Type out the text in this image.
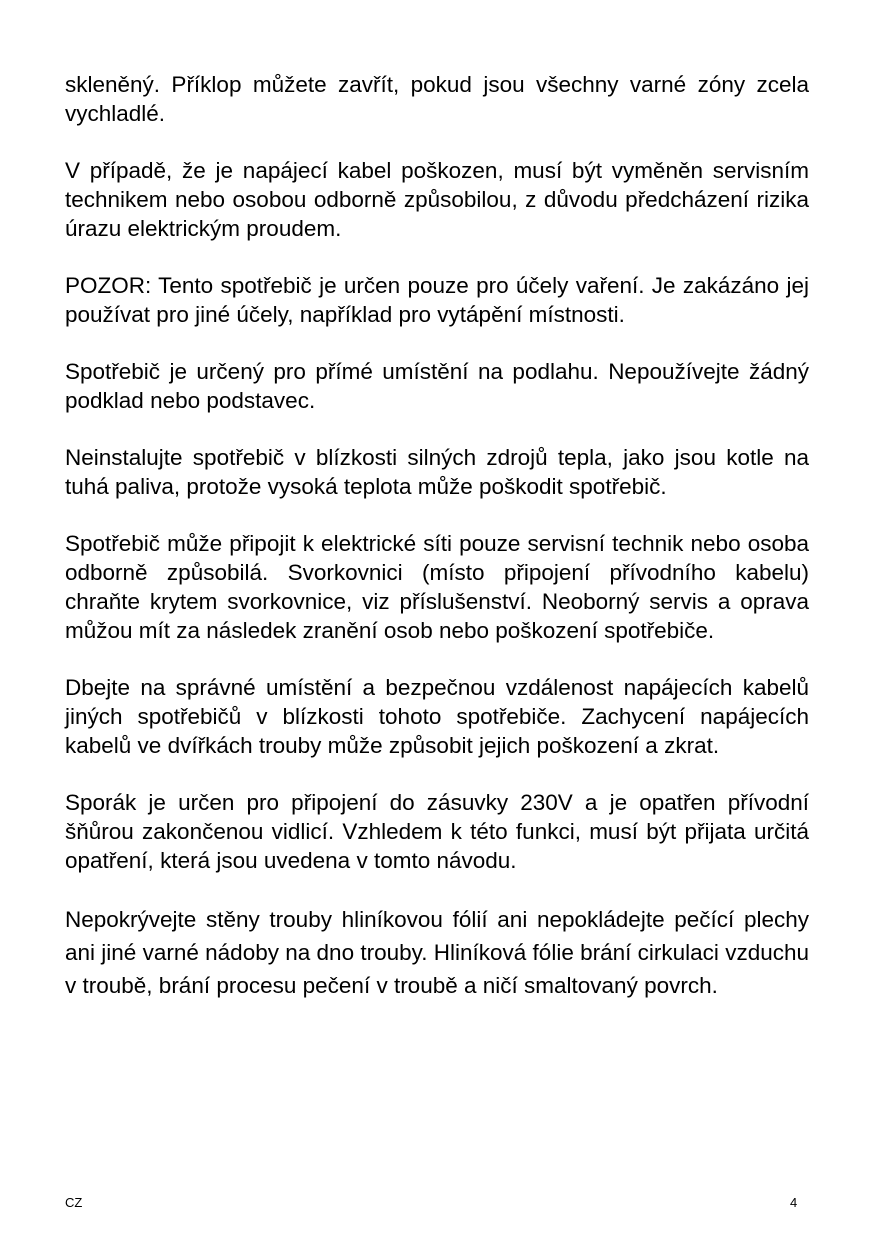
skleněný. Příklop můžete zavřít, pokud jsou všechny varné zóny zcela vychladlé.

V případě, že je napájecí kabel poškozen, musí být vyměněn servisním technikem nebo osobou odborně způsobilou, z důvodu předcházení rizika úrazu elektrickým proudem.

POZOR: Tento spotřebič je určen pouze pro účely vaření. Je zakázáno jej používat pro jiné účely, například pro vytápění místnosti.

Spotřebič je určený pro přímé umístění na podlahu. Nepoužívejte žádný podklad nebo podstavec.

Neinstalujte spotřebič v blízkosti silných zdrojů tepla, jako jsou kotle na tuhá paliva, protože vysoká teplota může poškodit spotřebič.

Spotřebič může připojit k elektrické síti pouze servisní technik nebo osoba odborně způsobilá. Svorkovnici (místo připojení přívodního kabelu) chraňte krytem svorkovnice, viz příslušenství. Neoborný servis a oprava můžou mít za následek zranění osob nebo poškození spotřebiče.

Dbejte na správné umístění a bezpečnou vzdálenost napájecích kabelů jiných spotřebičů v blízkosti tohoto spotřebiče. Zachycení napájecích kabelů ve dvířkách trouby může způsobit jejich poškození a zkrat.

Sporák je určen pro připojení do zásuvky 230V a je opatřen přívodní šňůrou zakončenou vidlicí. Vzhledem k této funkci, musí být přijata určitá opatření, která jsou uvedena v tomto návodu.

Nepokrývejte stěny trouby hliníkovou fólií ani nepokládejte pečící plechy ani jiné varné nádoby na dno trouby. Hliníková fólie brání cirkulaci vzduchu v troubě, brání procesu pečení v troubě a ničí smaltovaný povrch.

CZ	4
